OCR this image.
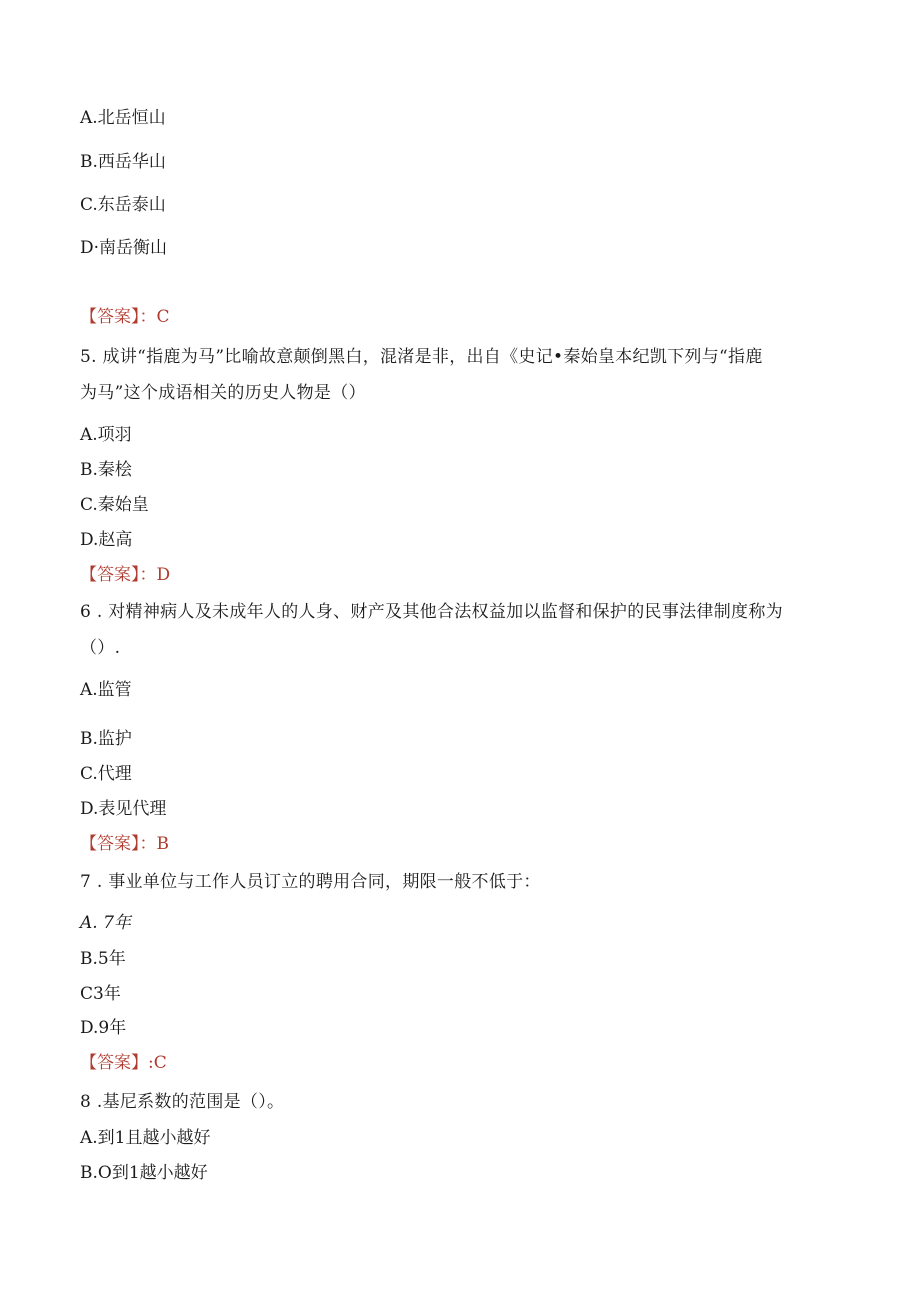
A.北岳恒山
B.西岳华山
C.东岳泰山
D·南岳衡山
【答案】：C
5. 成讲“指鹿为马”比喻故意颠倒黑白，混渚是非，出自《史记•秦始皇本纪凯下列与“指鹿
为马”这个成语相关的历史人物是（）
A.项羽
B.秦桧
C.秦始皇
D.赵高
【答案】：D
6 . 对精神病人及未成年人的人身、财产及其他合法权益加以监督和保护的民事法律制度称为
（）.
A.监管
B.监护
C.代理
D.表见代理
【答案】：B
7 . 事业单位与工作人员订立的聘用合同，期限一般不低于：
A. 7年
B.5年
C3年
D.9年
【答案】:C
8 .基尼系数的范围是（）。
A.到1且越小越好
B.O到1越小越好
